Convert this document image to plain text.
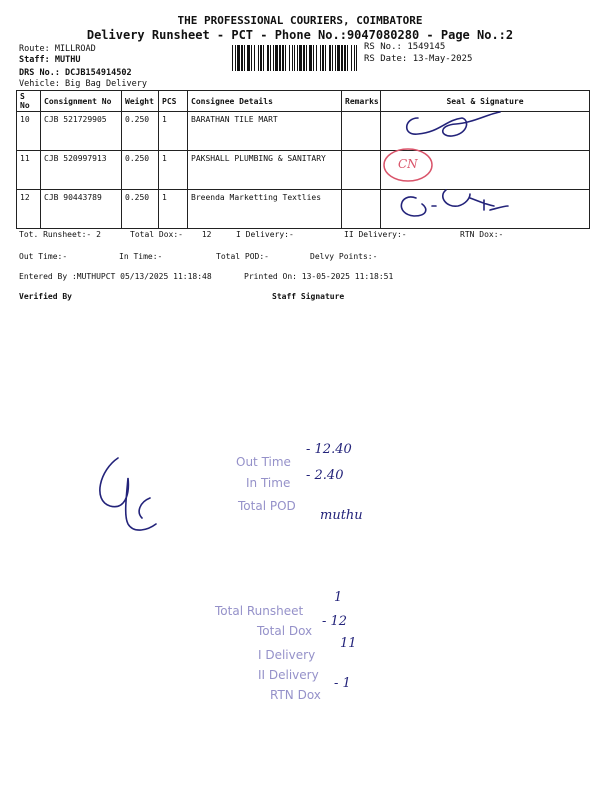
THE PROFESSIONAL COURIERS, COIMBATORE
Delivery Runsheet - PCT - Phone No.:9047080280 - Page No.:2
Route: MILLROAD
Staff: MUTHU
DRS No.: DCJB154914502
Vehicle: Big Bag Delivery
RS No.: 1549145
RS Date: 13-May-2025
S No	Consignment No	Weight	PCS	Consignee Details	Remarks	Seal & Signature
10	CJB 521729905	0.250	1	BARATHAN TILE MART		
11	CJB 520997913	0.250	1	PAKSHALL PLUMBING & SANITARY		
12	CJB 90443789	0.250	1	Breenda Marketting Textlies		
Tot. Runsheet:- 2	Total Dox:- 12	I Delivery:-	II Delivery:-	RTN Dox:-
Out Time:-	In Time:-	Total POD:-	Delvy Points:-
Entered By :MUTHUPCT 05/13/2025 11:18:48	Printed On: 13-05-2025 11:18:51
Verified By	Staff Signature
CN
Out Time
- 12.40
In Time - 2.40
Total POD
muthu
Total Runsheet
1
Total Dox
- 12
I Delivery
11
II Delivery
RTN Dox
- 1
